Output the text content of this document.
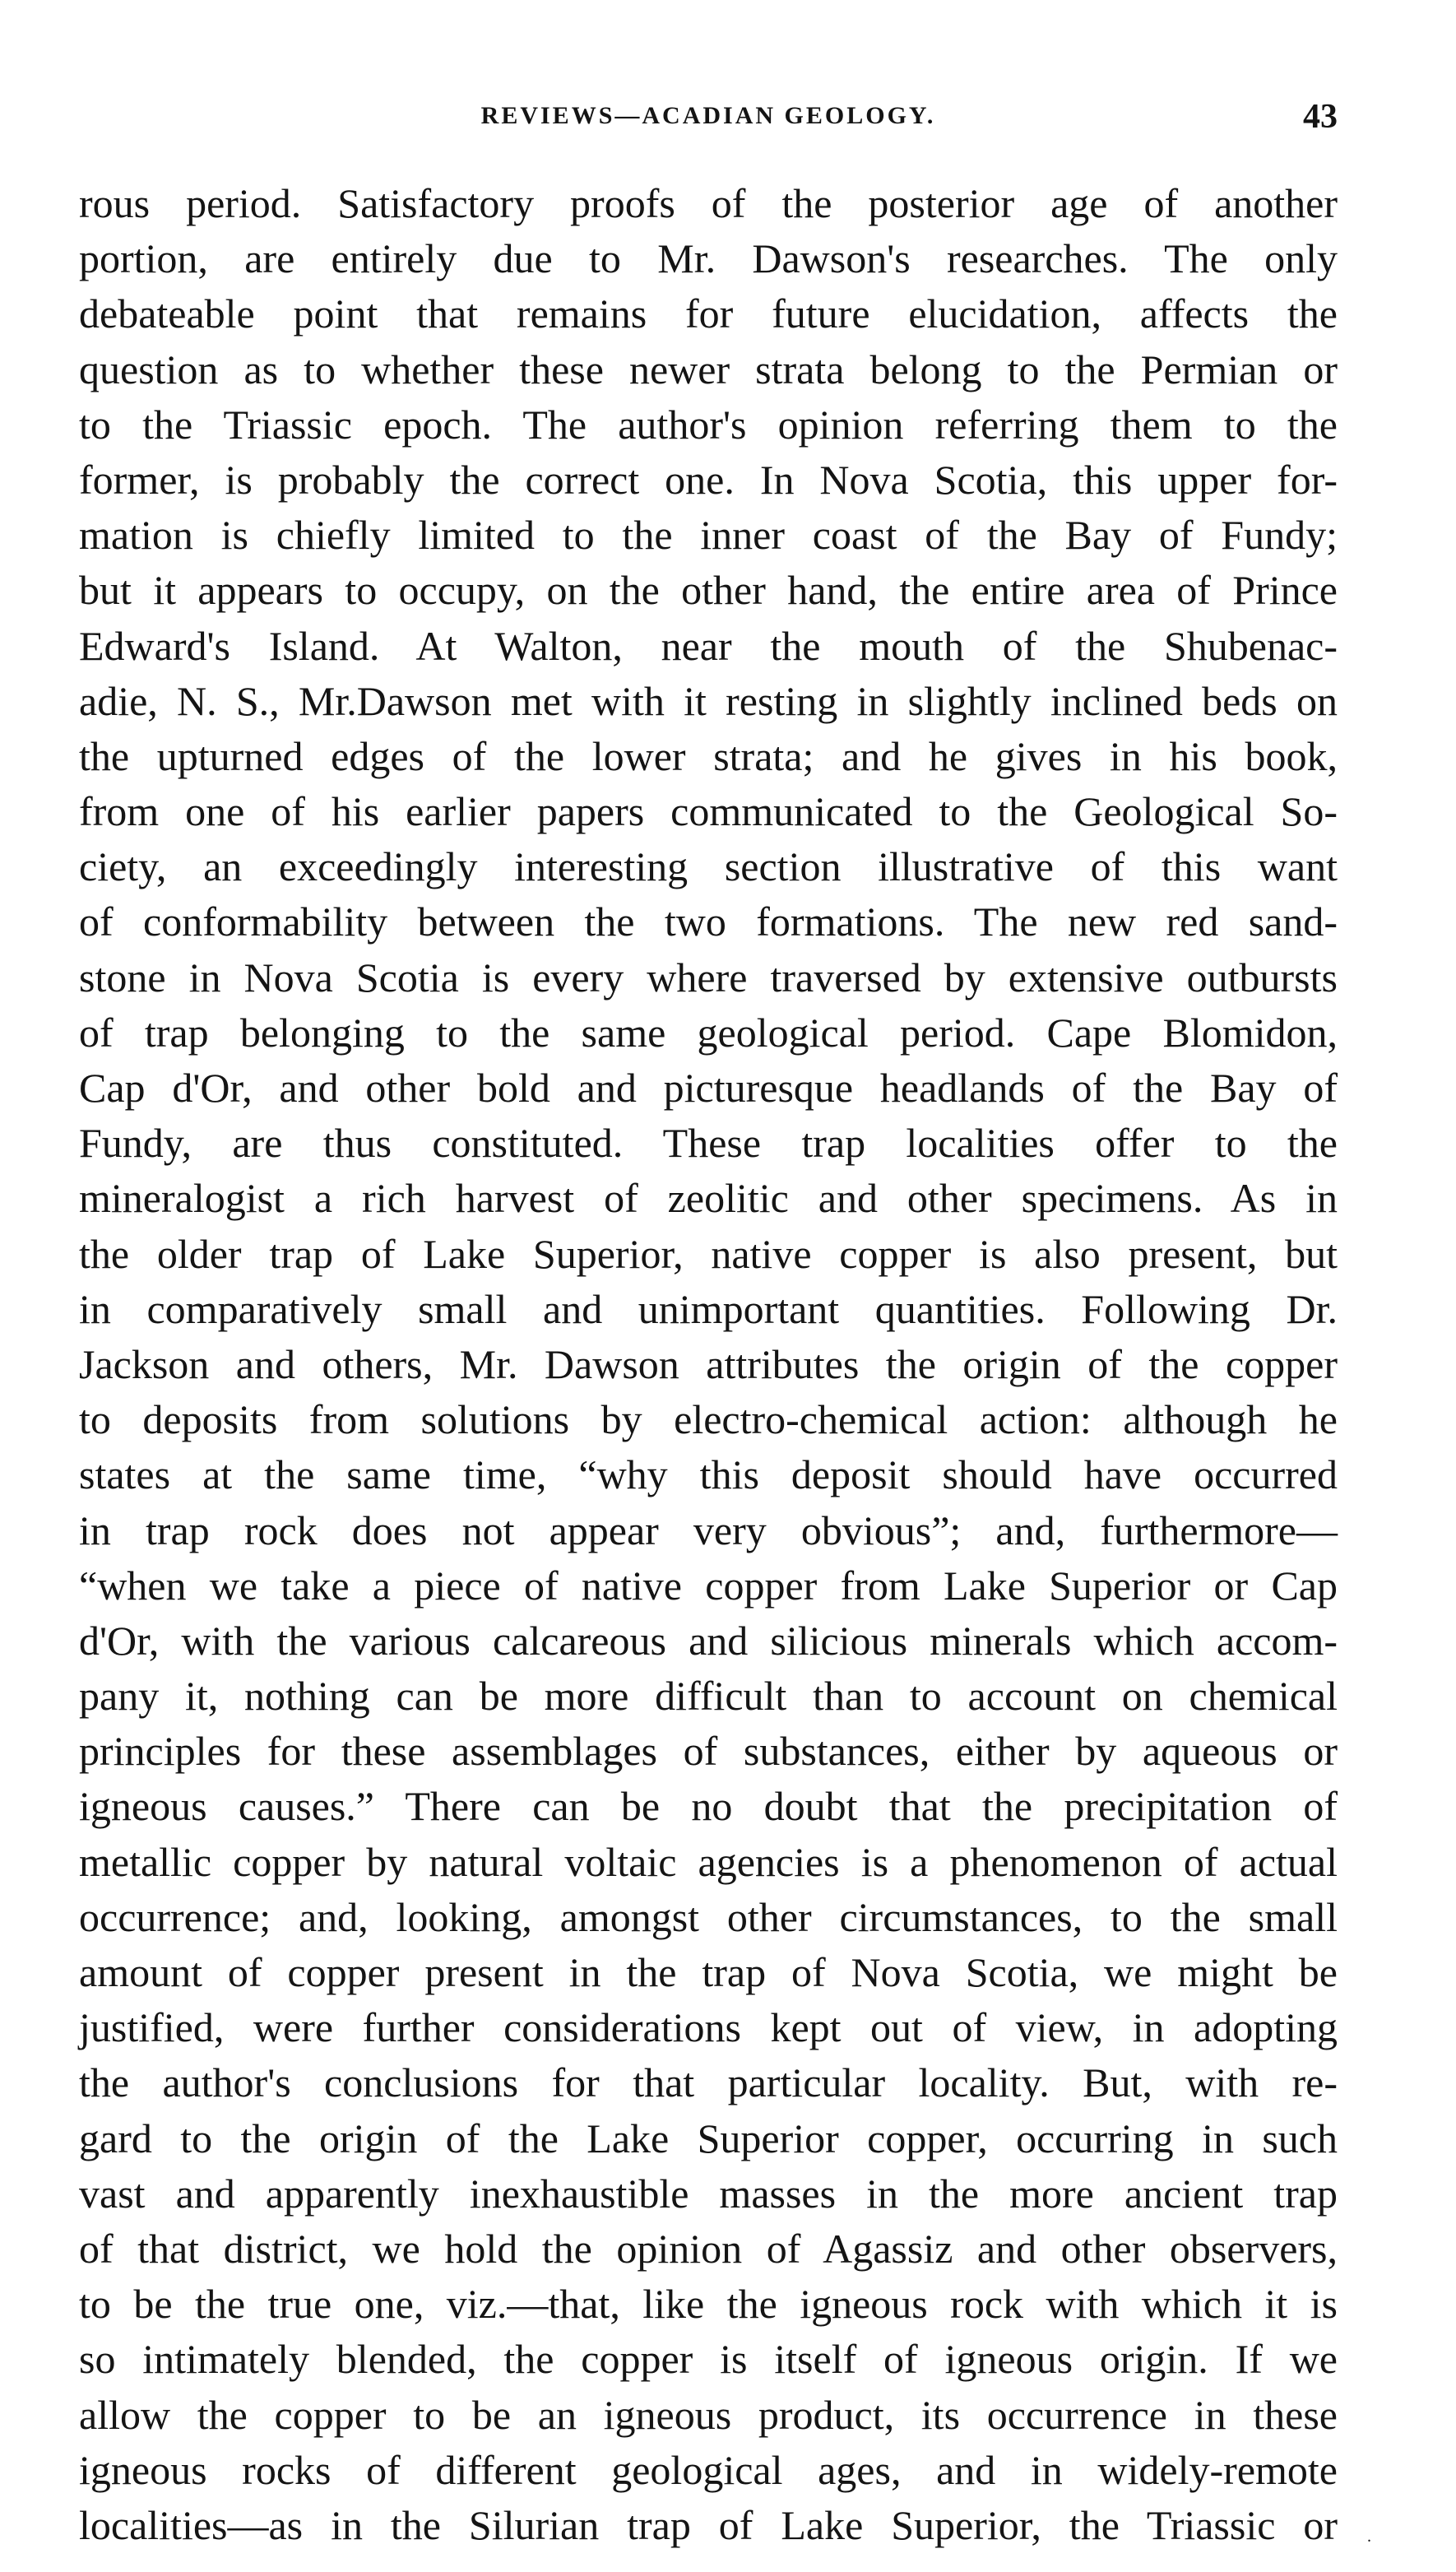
REVIEWS—ACADIAN GEOLOGY.	43
rous period. Satisfactory proofs of the posterior age of another
portion, are entirely due to Mr. Dawson's researches. The only
debateable point that remains for future elucidation, affects the
question as to whether these newer strata belong to the Permian or
to the Triassic epoch. The author's opinion referring them to the
former, is probably the correct one. In Nova Scotia, this upper for-
mation is chiefly limited to the inner coast of the Bay of Fundy;
but it appears to occupy, on the other hand, the entire area of Prince
Edward's Island. At Walton, near the mouth of the Shubenac-
adie, N. S., Mr.Dawson met with it resting in slightly inclined beds on
the upturned edges of the lower strata; and he gives in his book,
from one of his earlier papers communicated to the Geological So-
ciety, an exceedingly interesting section illustrative of this want
of conformability between the two formations. The new red sand-
stone in Nova Scotia is every where traversed by extensive outbursts
of trap belonging to the same geological period. Cape Blomidon,
Cap d'Or, and other bold and picturesque headlands of the Bay of
Fundy, are thus constituted. These trap localities offer to the
mineralogist a rich harvest of zeolitic and other specimens. As in
the older trap of Lake Superior, native copper is also present, but
in comparatively small and unimportant quantities. Following Dr.
Jackson and others, Mr. Dawson attributes the origin of the copper
to deposits from solutions by electro-chemical action: although he
states at the same time, “why this deposit should have occurred
in trap rock does not appear very obvious”; and, furthermore—
“when we take a piece of native copper from Lake Superior or Cap
d'Or, with the various calcareous and silicious minerals which accom-
pany it, nothing can be more difficult than to account on chemical
principles for these assemblages of substances, either by aqueous or
igneous causes.” There can be no doubt that the precipitation of
metallic copper by natural voltaic agencies is a phenomenon of actual
occurrence; and, looking, amongst other circumstances, to the small
amount of copper present in the trap of Nova Scotia, we might be
justified, were further considerations kept out of view, in adopting
the author's conclusions for that particular locality. But, with re-
gard to the origin of the Lake Superior copper, occurring in such
vast and apparently inexhaustible masses in the more ancient trap
of that district, we hold the opinion of Agassiz and other observers,
to be the true one, viz.—that, like the igneous rock with which it is
so intimately blended, the copper is itself of igneous origin. If we
allow the copper to be an igneous product, its occurrence in these
igneous rocks of different geological ages, and in widely-remote
localities—as in the Silurian trap of Lake Superior, the Triassic or .
